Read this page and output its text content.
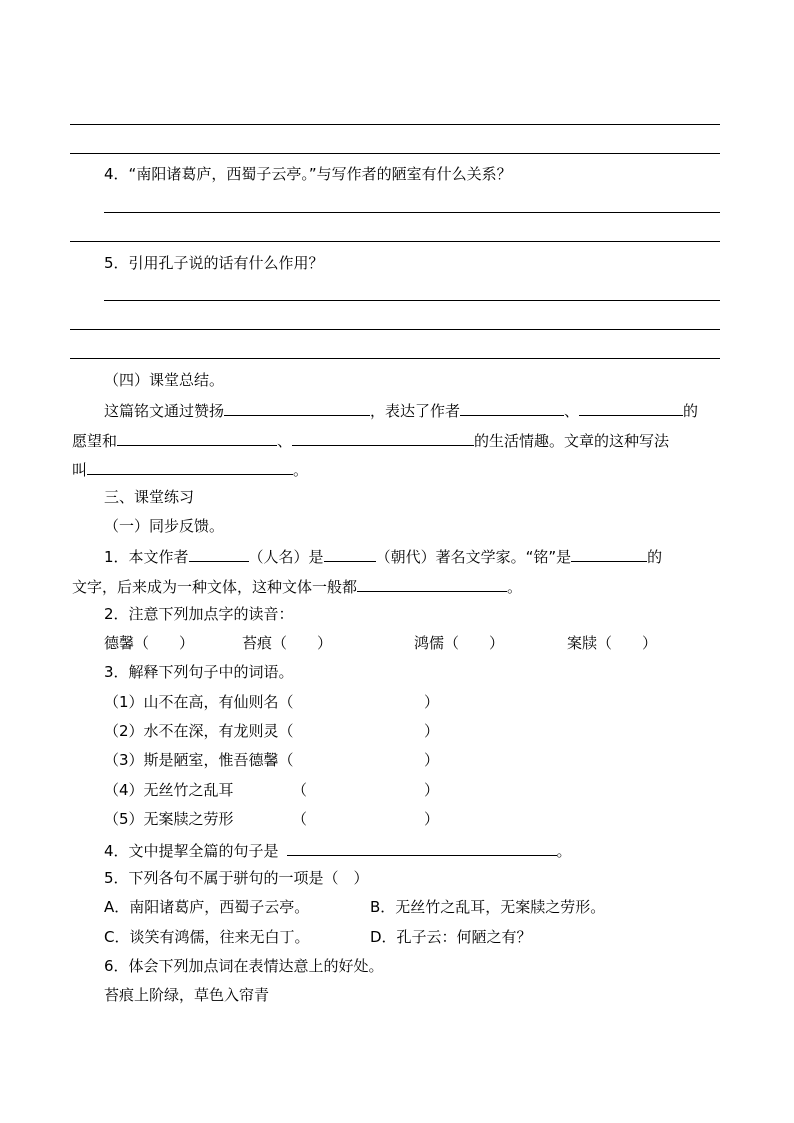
4．“南阳诸葛庐，西蜀子云亭。”与写作者的陋室有什么关系？
5．引用孔子说的话有什么作用？
（四）课堂总结。
这篇铭文通过赞扬	，表达了作者	、	的
愿望和	、	的生活情趣。文章的这种写法
叫	。
三、课堂练习
（一）同步反馈。
1．本文作者	（人名）是	（朝代）著名文学家。“铭”是	的
文字，后来成为一种文体，这种文体一般都	。
2．注意下列加点字的读音：
德馨（　　）	苔痕（　　）	鸿儒（　　）	案牍（　　）
3．解释下列句子中的词语。
（1）山不在高，有仙则名（	）
（2）水不在深，有龙则灵（	）
（3）斯是陋室，惟吾德馨（	）
（4）无丝竹之乱耳	（	）
（5）无案牍之劳形	（	）
4．文中提挈全篇的句子是	。
5．下列各句不属于骈句的一项是（　）
A．南阳诸葛庐，西蜀子云亭。	B．无丝竹之乱耳，无案牍之劳形。
C．谈笑有鸿儒，往来无白丁。	D．孔子云：何陋之有？
6．体会下列加点词在表情达意上的好处。
苔痕上阶绿，草色入帘青
